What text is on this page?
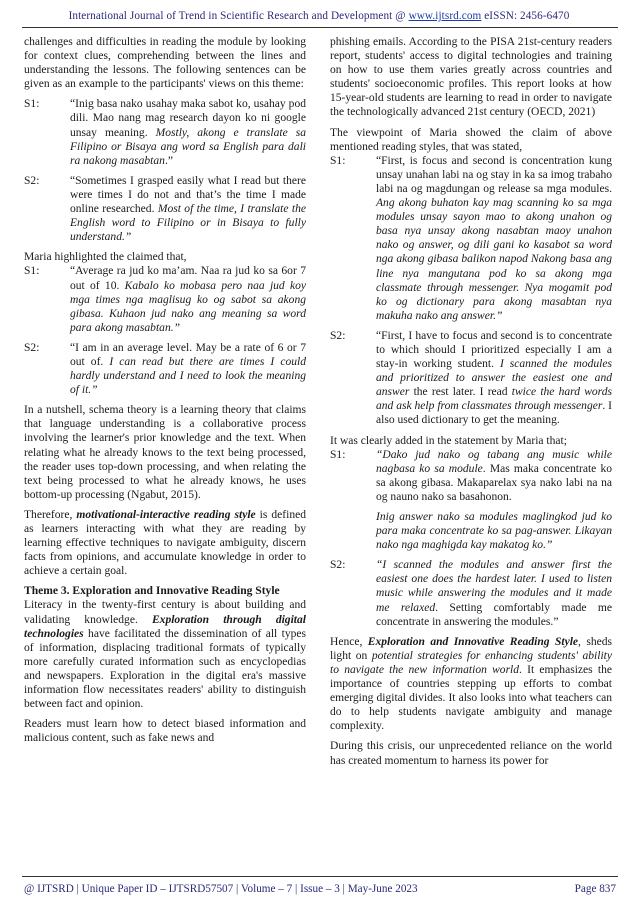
International Journal of Trend in Scientific Research and Development @ www.ijtsrd.com eISSN: 2456-6470

challenges and difficulties in reading the module by looking for context clues, comprehending between the lines and understanding the lessons. The following sentences can be given as an example to the participants' views on this theme:

S1:	“Inig basa nako usahay maka sabot ko, usahay pod dili. Mao nang mag research dayon ko ni google unsay meaning. Mostly, akong e translate sa Filipino or Bisaya ang word sa English para dali ra nakong masabtan.”
S2:	“Sometimes I grasped easily what I read but there were times I do not and that’s the time I made online researched. Most of the time, I translate the English word to Filipino or in Bisaya to fully understand.”

Maria highlighted the claimed that,

S1:	“Average ra jud ko ma’am. Naa ra jud ko sa 6or 7 out of 10. Kabalo ko mobasa pero naa jud koy mga times nga maglisug ko og sabot sa akong gibasa. Kuhaon jud nako ang meaning sa word para akong masabtan.”
S2:	“I am in an average level. May be a rate of 6 or 7 out of. I can read but there are times I could hardly understand and I need to look the meaning of it.”

In a nutshell, schema theory is a learning theory that claims that language understanding is a collaborative process involving the learner's prior knowledge and the text. When relating what he already knows to the text being processed, the reader uses top-down processing, and when relating the text being processed to what he already knows, he uses bottom-up processing (Ngabut, 2015).

Therefore, motivational-interactive reading style is defined as learners interacting with what they are reading by learning effective techniques to navigate ambiguity, discern facts from opinions, and accumulate knowledge in order to achieve a certain goal.

Theme 3. Exploration and Innovative Reading Style

Literacy in the twenty-first century is about building and validating knowledge. Exploration through digital technologies have facilitated the dissemination of all types of information, displacing traditional formats of typically more carefully curated information such as encyclopedias and newspapers. Exploration in the digital era's massive information flow necessitates readers' ability to distinguish between fact and opinion.

Readers must learn how to detect biased information and malicious content, such as fake news and

phishing emails. According to the PISA 21st-century readers report, students' access to digital technologies and training on how to use them varies greatly across countries and students' socioeconomic profiles. This report looks at how 15-year-old students are learning to read in order to navigate the technologically advanced 21st century (OECD, 2021)

The viewpoint of Maria showed the claim of above mentioned reading styles, that was stated,

S1:	“First, is focus and second is concentration kung unsay unahan labi na og stay in ka sa imog trabaho labi na og magdungan og release sa mga modules. Ang akong buhaton kay mag scanning ko sa mga modules unsay sayon mao to akong unahon og basa nya unsay akong nasabtan maoy unahon nako og answer, og dili gani ko kasabot sa word nga akong gibasa balikon napod Nakong basa ang line nya mangutana pod ko sa akong mga classmate through messenger. Nya mogamit pod ko og dictionary para akong masabtan nya makuha nako ang answer.”
S2:	“First, I have to focus and second is to concentrate to which should I prioritized especially I am a stay-in working student. I scanned the modules and prioritized to answer the easiest one and answer the rest later. I read twice the hard words and ask help from classmates through messenger. I also used dictionary to get the meaning.

It was clearly added in the statement by Maria that;

S1:	“Dako jud nako og tabang ang music while nagbasa ko sa module. Mas maka concentrate ko sa akong gibasa. Makaparelax sya nako labi na na og nauno nako sa basahonon.
Inig answer nako sa modules maglingkod jud ko para maka concentrate ko sa pag-answer. Likayan nako nga maghigda kay makatog ko.”
S2:	“I scanned the modules and answer first the easiest one does the hardest later. I used to listen music while answering the modules and it made me relaxed. Setting comfortably made me concentrate in answering the modules.”

Hence, Exploration and Innovative Reading Style, sheds light on potential strategies for enhancing students' ability to navigate the new information world. It emphasizes the importance of countries stepping up efforts to combat emerging digital divides. It also looks into what teachers can do to help students navigate ambiguity and manage complexity.

During this crisis, our unprecedented reliance on the world has created momentum to harness its power for

@ IJTSRD | Unique Paper ID – IJTSRD57507 | Volume – 7 | Issue – 3 | May-June 2023	Page 837
